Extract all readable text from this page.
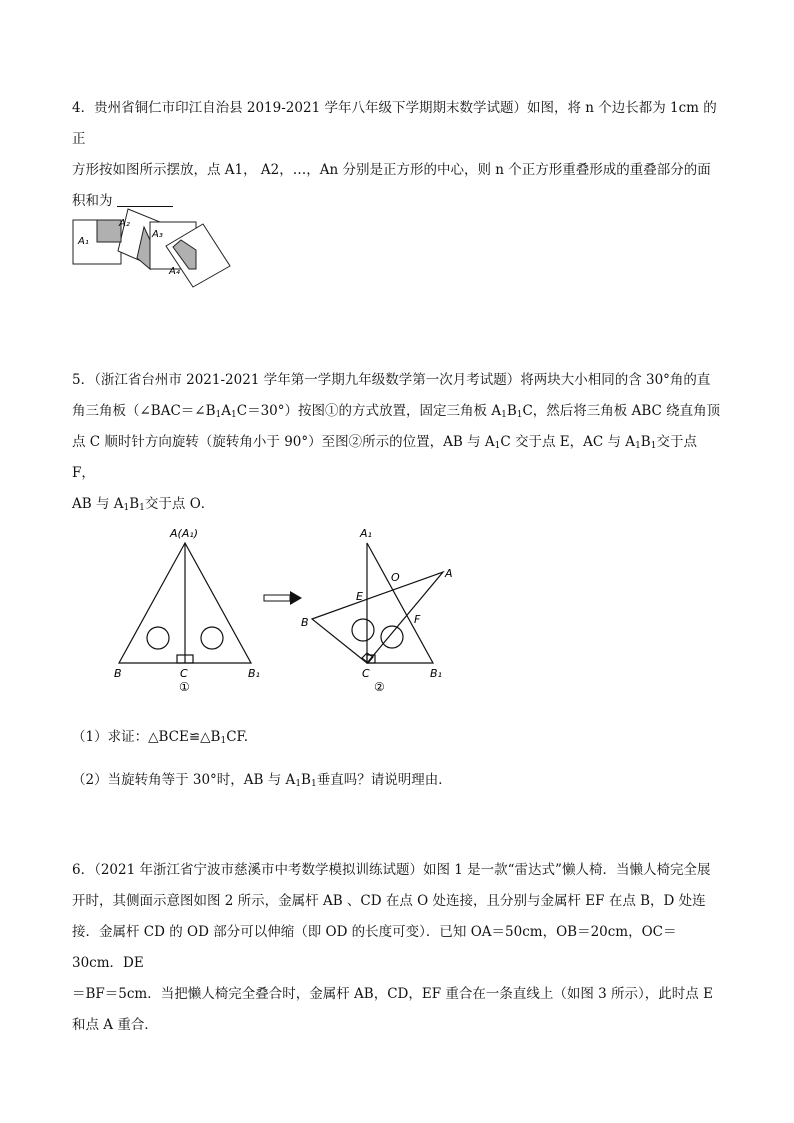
4．贵州省铜仁市印江自治县 2019-2021 学年八年级下学期期末数学试题）如图，将 n 个边长都为 1cm 的正

方形按如图所示摆放，点 A1， A2，…，An 分别是正方形的中心，则 n 个正方形重叠形成的重叠部分的面

积和为

A₁
A₂
A₃
A₄

5．（浙江省台州市 2021-2021 学年第一学期九年级数学第一次月考试题）将两块大小相同的含 30°角的直

角三角板$(\angle BAC=\angle B_1A_1C=30^\circ)$按图①的方式放置，固定三角板 $A_1B_1C$，然后将三角板 ABC 绕直角顶

点 C 顺时针方向旋转（旋转角小于 90°）至图②所示的位置，AB 与 $A_1C$ 交于点 E，AC 与 $A_1B_1$交于点 F，

AB 与 $A_1B_1$交于点 O．

A(A₁)
B	C	B₁
①
A₁
O	A
E
B	F
C	B₁
②

（1）求证：$\triangle BCE≌\triangle B_1CF$.

（2）当旋转角等于 30°时，AB 与 $A_1B_1$垂直吗？请说明理由．

6．（2021 年浙江省宁波市慈溪市中考数学模拟训练试题）如图 1 是一款“雷达式”懒人椅．当懒人椅完全展

开时，其侧面示意图如图 2 所示，金属杆 AB 、CD 在点 O 处连接，且分别与金属杆 EF 在点 B，D 处连

接．金属杆 CD 的 OD 部分可以伸缩（即 OD 的长度可变）．已知 OA＝50cm，OB＝20cm，OC＝30cm．DE

＝BF＝5cm．当把懒人椅完全叠合时，金属杆 AB，CD，EF 重合在一条直线上（如图 3 所示），此时点 E

和点 A 重合．
